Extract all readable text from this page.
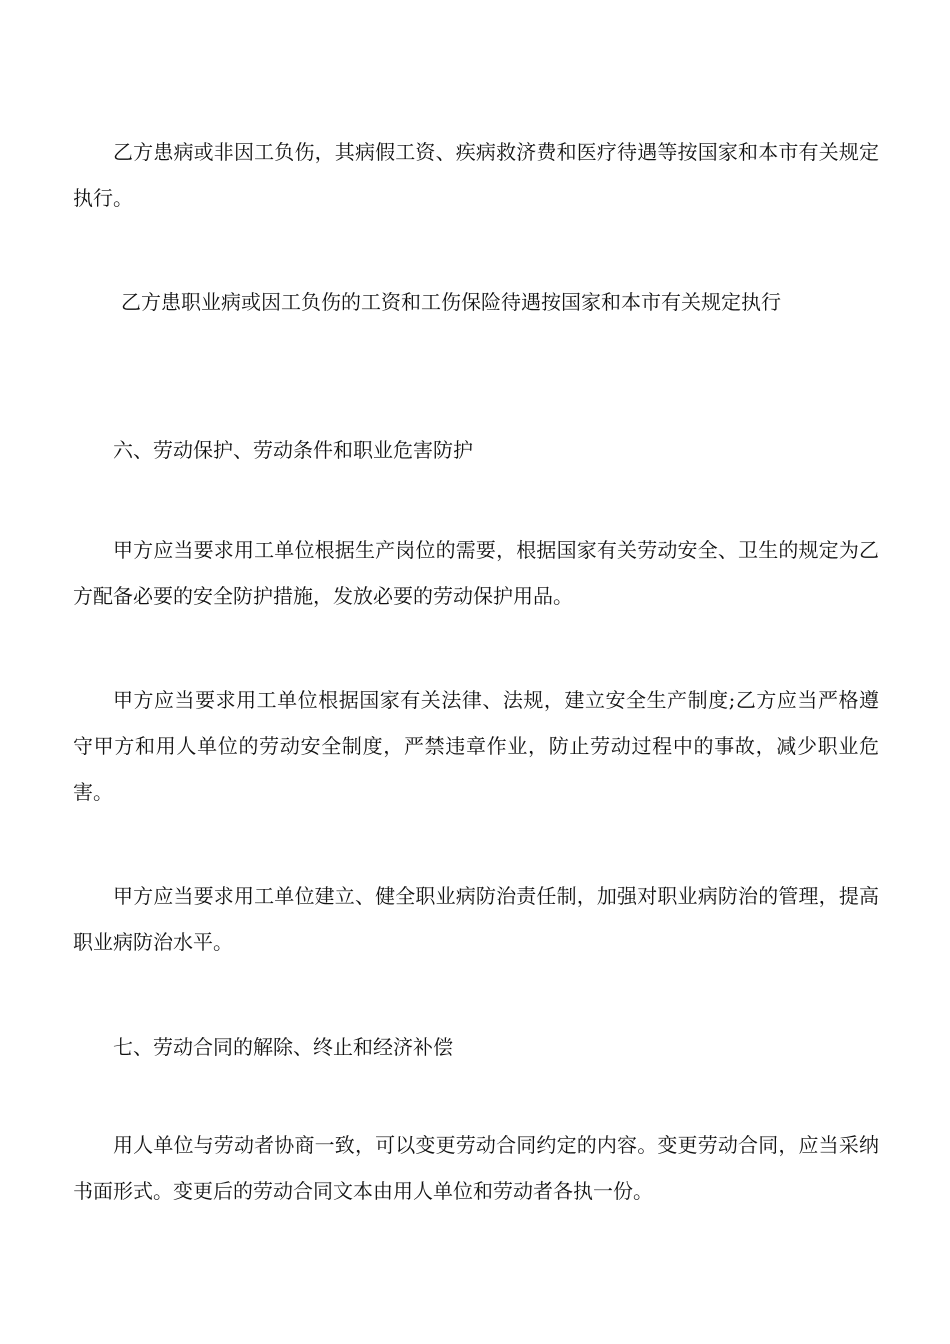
乙方患病或非因工负伤，其病假工资、疾病救济费和医疗待遇等按国家和本市有关规定执行。

乙方患职业病或因工负伤的工资和工伤保险待遇按国家和本市有关规定执行

六、劳动保护、劳动条件和职业危害防护

甲方应当要求用工单位根据生产岗位的需要，根据国家有关劳动安全、卫生的规定为乙方配备必要的安全防护措施，发放必要的劳动保护用品。

甲方应当要求用工单位根据国家有关法律、法规，建立安全生产制度;乙方应当严格遵守甲方和用人单位的劳动安全制度，严禁违章作业，防止劳动过程中的事故，减少职业危害。

甲方应当要求用工单位建立、健全职业病防治责任制，加强对职业病防治的管理，提高职业病防治水平。

七、劳动合同的解除、终止和经济补偿

用人单位与劳动者协商一致，可以变更劳动合同约定的内容。变更劳动合同，应当采纳书面形式。变更后的劳动合同文本由用人单位和劳动者各执一份。
